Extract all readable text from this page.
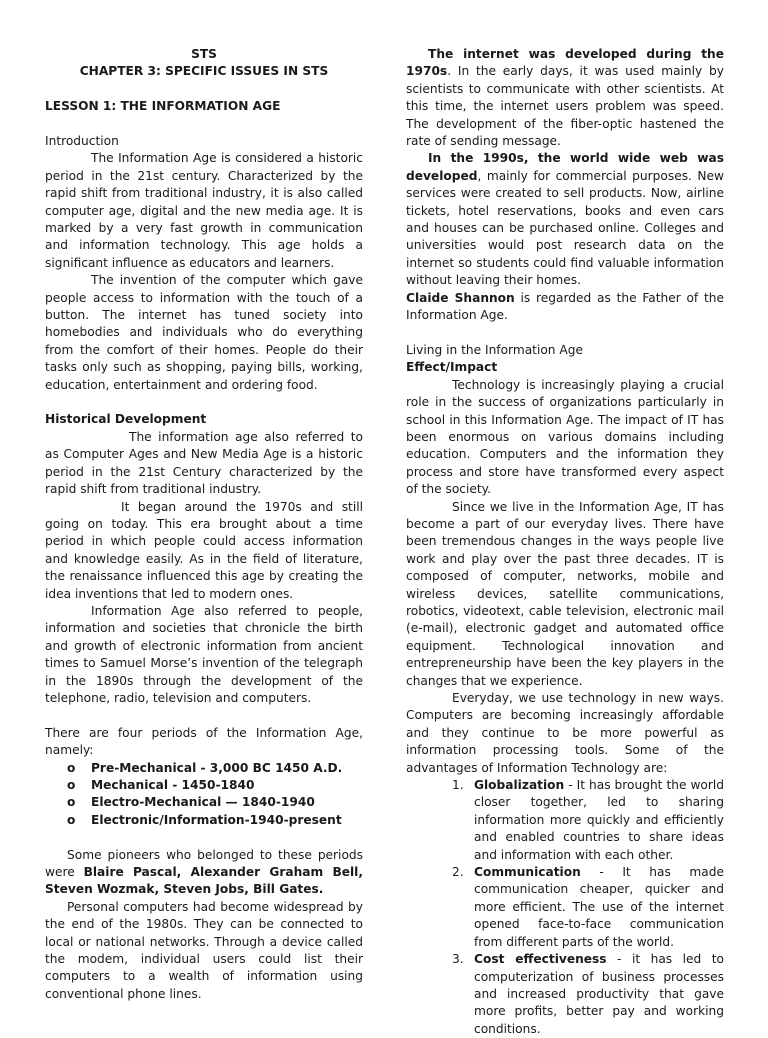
STS

CHAPTER 3: SPECIFIC ISSUES IN STS

LESSON 1: THE INFORMATION AGE

Introduction

The Information Age is considered a historic period in the 21st century. Characterized by the rapid shift from traditional industry, it is also called computer age, digital and the new media age. It is marked by a very fast growth in communication and information technology. This age holds a significant influence as educators and learners.

The invention of the computer which gave people access to information with the touch of a button. The internet has tuned society into homebodies and individuals who do everything from the comfort of their homes. People do their tasks only such as shopping, paying bills, working, education, entertainment and ordering food.

Historical Development

The information age also referred to as Computer Ages and New Media Age is a historic period in the 21st Century characterized by the rapid shift from traditional industry.

It began around the 1970s and still going on today. This era brought about a time period in which people could access information and knowledge easily. As in the field of literature, the renaissance influenced this age by creating the idea inventions that led to modern ones.

Information Age also referred to people, information and societies that chronicle the birth and growth of electronic information from ancient times to Samuel Morse’s invention of the telegraph in the 1890s through the development of the telephone, radio, television and computers.

There are four periods of the Information Age, namely:

o	Pre-Mechanical - 3,000 BC 1450 A.D.
o	Mechanical - 1450-1840
o	Electro-Mechanical — 1840-1940
o	Electronic/Information-1940-present

Some pioneers who belonged to these periods were Blaire Pascal, Alexander Graham Bell, Steven Wozmak, Steven Jobs, Bill Gates.

Personal computers had become widespread by the end of the 1980s. They can be connected to local or national networks. Through a device called the modem, individual users could list their computers to a wealth of information using conventional phone lines.

The internet was developed during the 1970s. In the early days, it was used mainly by scientists to communicate with other scientists. At this time, the internet users problem was speed. The development of the fiber-optic hastened the rate of sending message.

In the 1990s, the world wide web was developed, mainly for commercial purposes. New services were created to sell products. Now, airline tickets, hotel reservations, books and even cars and houses can be purchased online. Colleges and universities would post research data on the internet so students could find valuable information without leaving their homes.

Claide Shannon is regarded as the Father of the Information Age.

Living in the Information Age

Effect/Impact

Technology is increasingly playing a crucial role in the success of organizations particularly in school in this Information Age. The impact of IT has been enormous on various domains including education. Computers and the information they process and store have transformed every aspect of the society.

Since we live in the Information Age, IT has become a part of our everyday lives. There have been tremendous changes in the ways people live work and play over the past three decades. IT is composed of computer, networks, mobile and wireless devices, satellite communications, robotics, videotext, cable television, electronic mail (e-mail), electronic gadget and automated office equipment. Technological innovation and entrepreneurship have been the key players in the changes that we experience.

Everyday, we use technology in new ways. Computers are becoming increasingly affordable and they continue to be more powerful as information processing tools. Some of the advantages of Information Technology are:

1. Globalization - It has brought the world closer together, led to sharing information more quickly and efficiently and enabled countries to share ideas and information with each other.
2. Communication - It has made communication cheaper, quicker and more efficient. The use of the internet opened face-to-face communication from different parts of the world.
3. Cost effectiveness - it has led to computerization of business processes and increased productivity that gave more profits, better pay and working conditions.
